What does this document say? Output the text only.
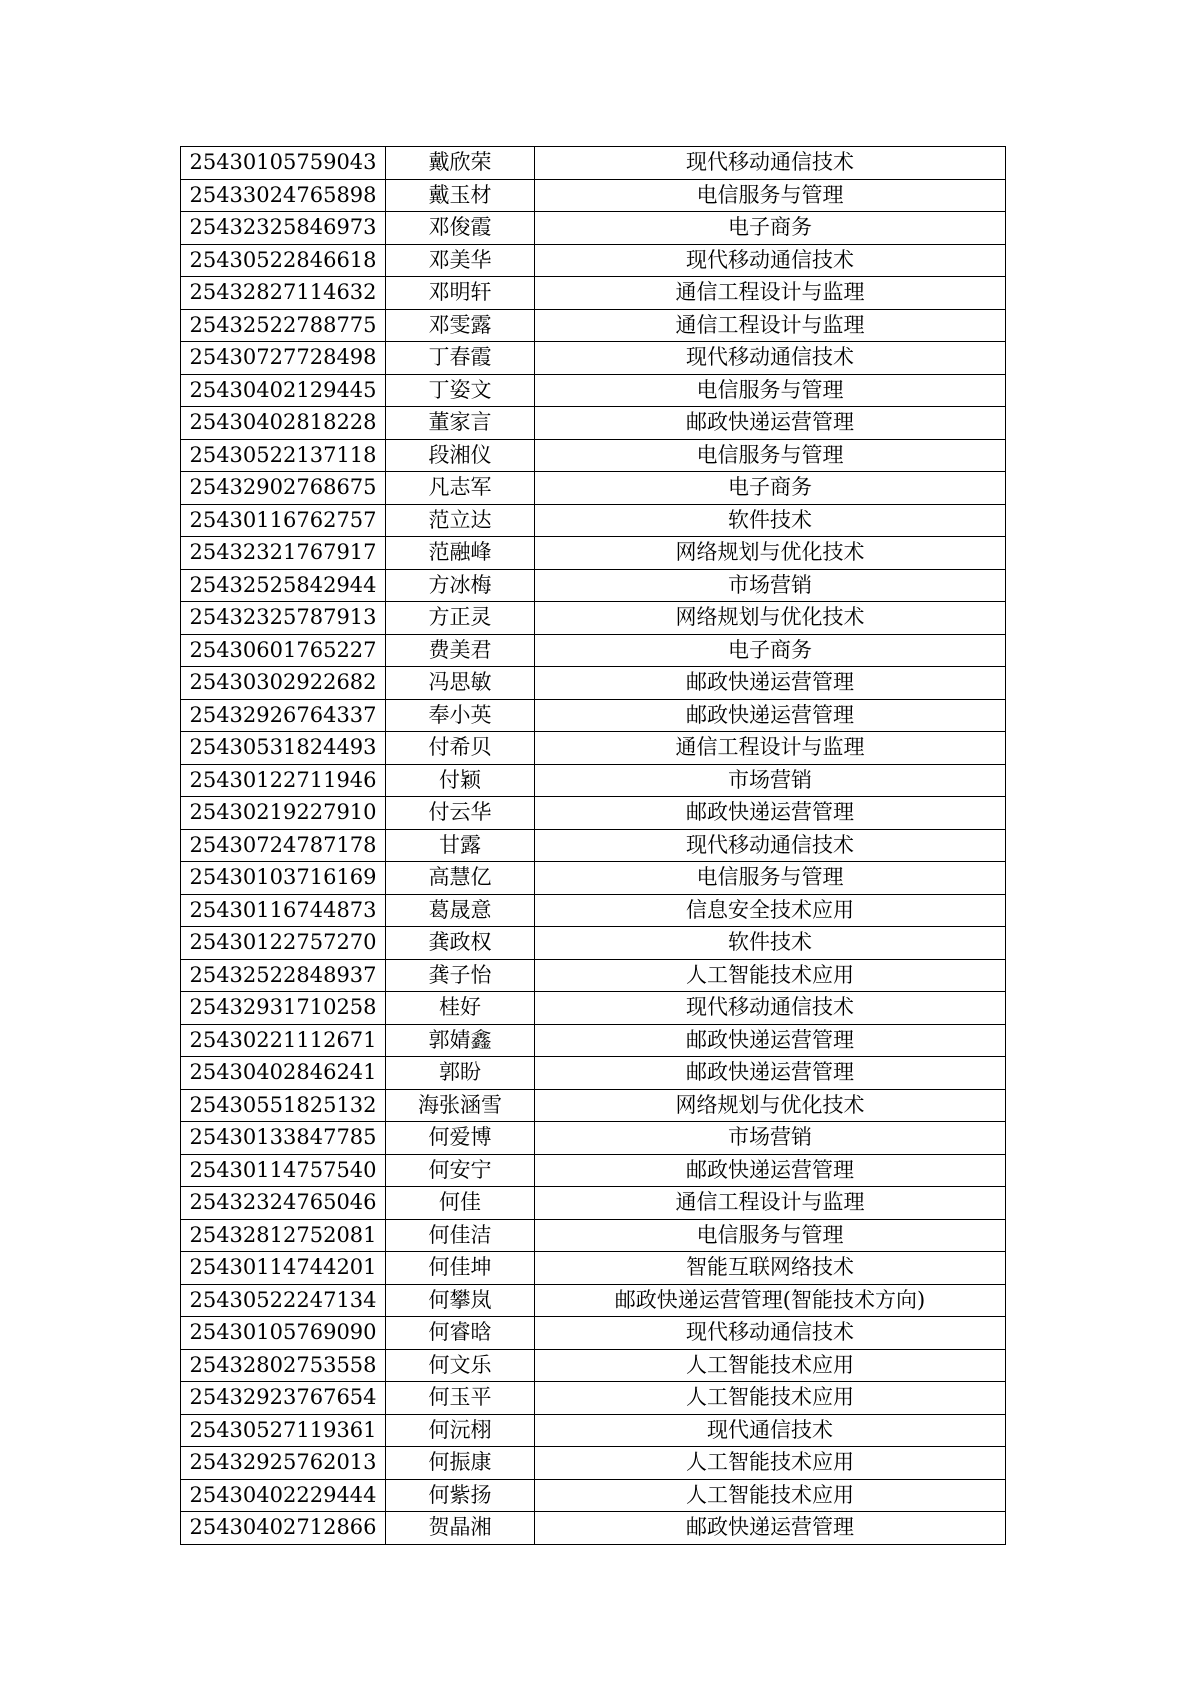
25430105759043	戴欣荣	现代移动通信技术
25433024765898	戴玉材	电信服务与管理
25432325846973	邓俊霞	电子商务
25430522846618	邓美华	现代移动通信技术
25432827114632	邓明轩	通信工程设计与监理
25432522788775	邓雯露	通信工程设计与监理
25430727728498	丁春霞	现代移动通信技术
25430402129445	丁姿文	电信服务与管理
25430402818228	董家言	邮政快递运营管理
25430522137118	段湘仪	电信服务与管理
25432902768675	凡志军	电子商务
25430116762757	范立达	软件技术
25432321767917	范融峰	网络规划与优化技术
25432525842944	方冰梅	市场营销
25432325787913	方正灵	网络规划与优化技术
25430601765227	费美君	电子商务
25430302922682	冯思敏	邮政快递运营管理
25432926764337	奉小英	邮政快递运营管理
25430531824493	付希贝	通信工程设计与监理
25430122711946	付颖	市场营销
25430219227910	付云华	邮政快递运营管理
25430724787178	甘露	现代移动通信技术
25430103716169	高慧亿	电信服务与管理
25430116744873	葛晟意	信息安全技术应用
25430122757270	龚政权	软件技术
25432522848937	龚子怡	人工智能技术应用
25432931710258	桂好	现代移动通信技术
25430221112671	郭婧鑫	邮政快递运营管理
25430402846241	郭盼	邮政快递运营管理
25430551825132	海张涵雪	网络规划与优化技术
25430133847785	何爱博	市场营销
25430114757540	何安宁	邮政快递运营管理
25432324765046	何佳	通信工程设计与监理
25432812752081	何佳洁	电信服务与管理
25430114744201	何佳坤	智能互联网络技术
25430522247134	何攀岚	邮政快递运营管理(智能技术方向)
25430105769090	何睿晗	现代移动通信技术
25432802753558	何文乐	人工智能技术应用
25432923767654	何玉平	人工智能技术应用
25430527119361	何沅栩	现代通信技术
25432925762013	何振康	人工智能技术应用
25430402229444	何紫扬	人工智能技术应用
25430402712866	贺晶湘	邮政快递运营管理
